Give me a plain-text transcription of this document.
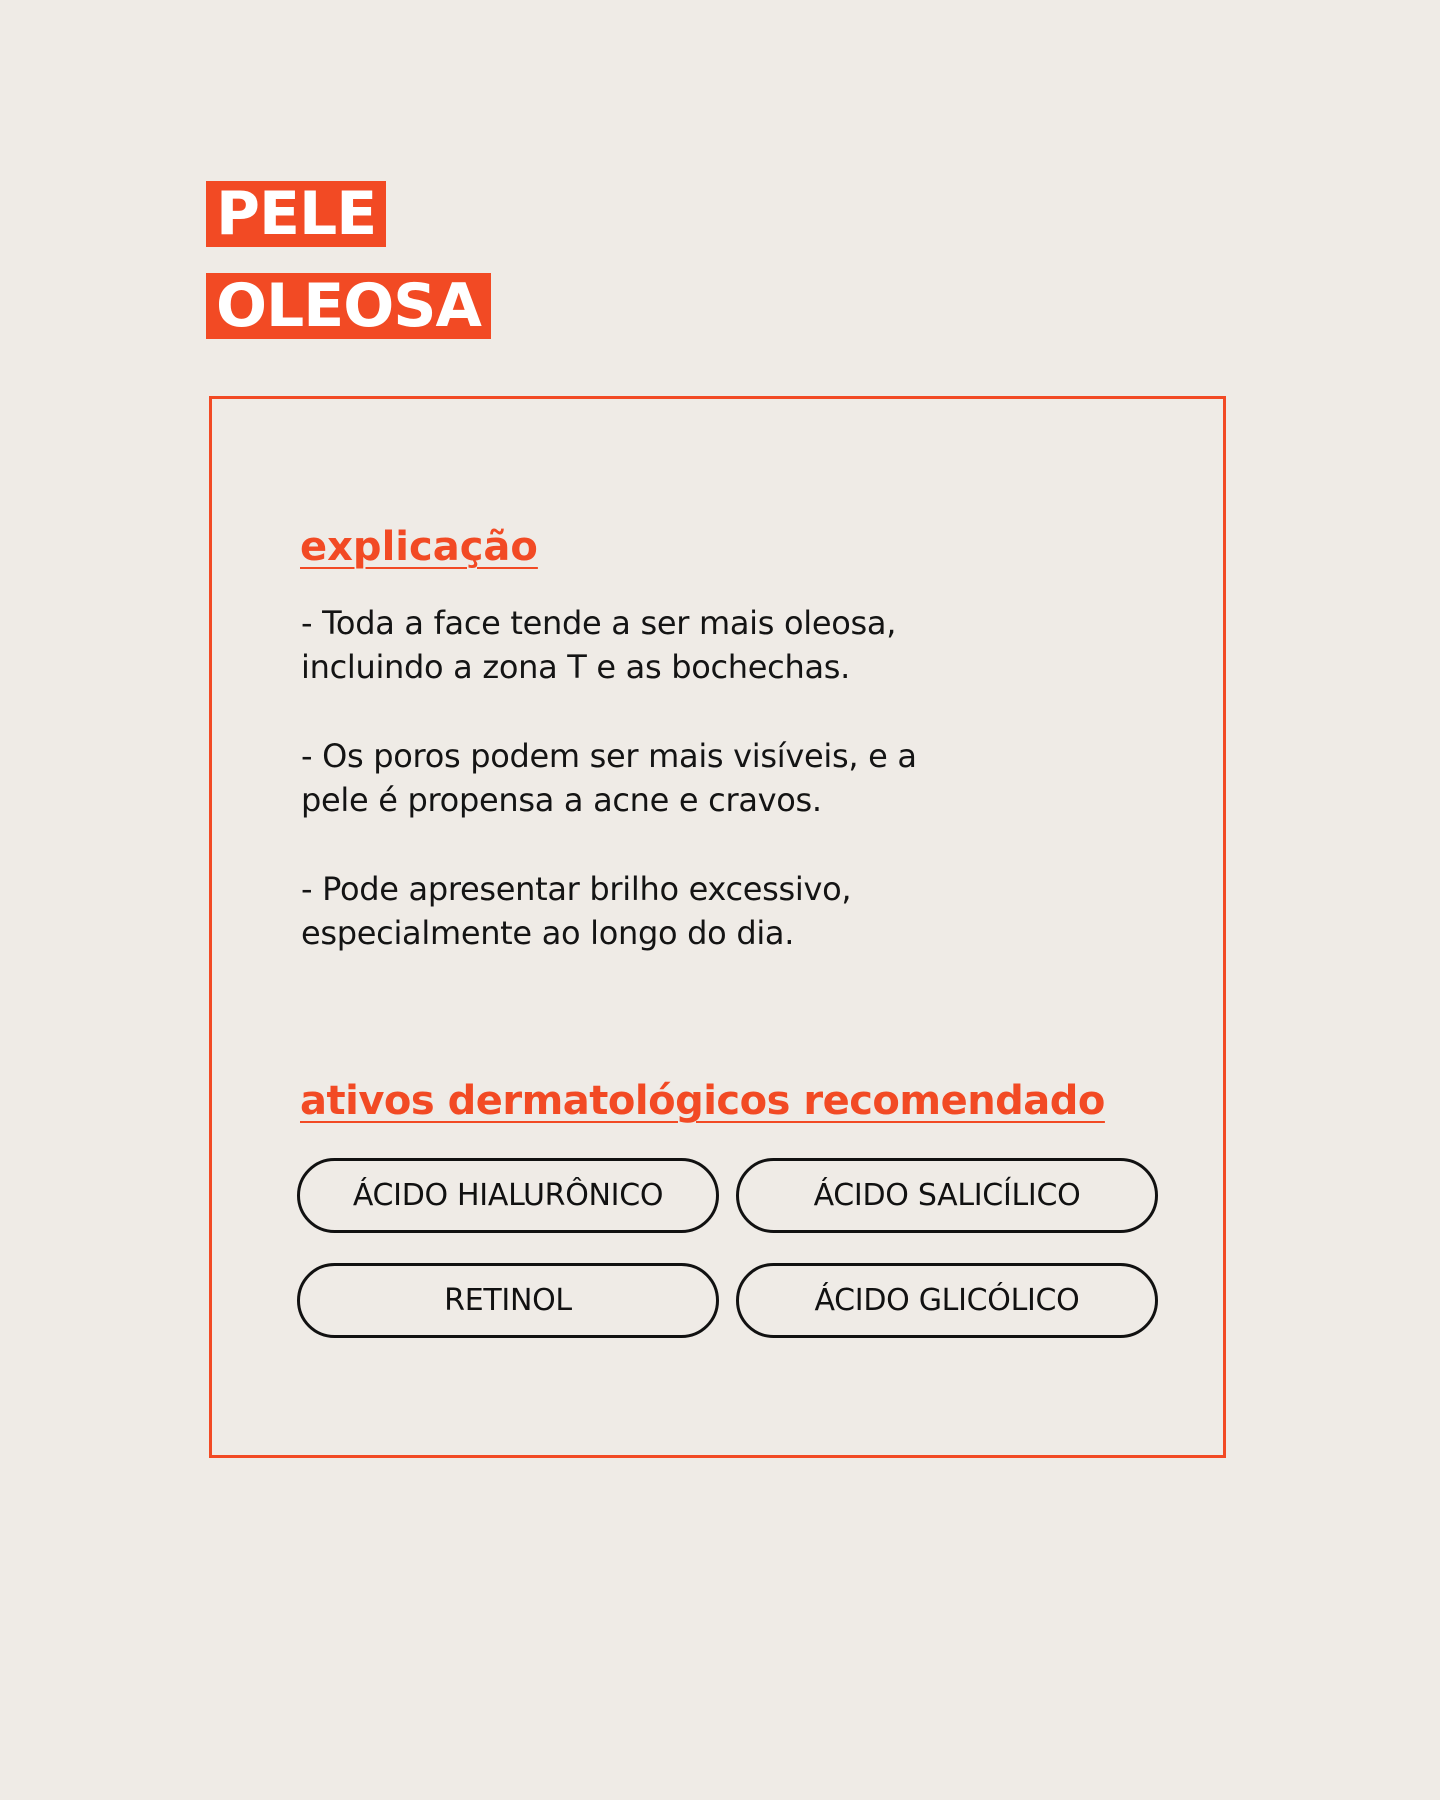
PELE
OLEOSA
explicação
- Toda a face tende a ser mais oleosa,
incluindo a zona T e as bochechas.
- Os poros podem ser mais visíveis, e a
pele é propensa a acne e cravos.
- Pode apresentar brilho excessivo,
especialmente ao longo do dia.
ativos dermatológicos recomendado
ÁCIDO HIALURÔNICO	ÁCIDO SALICÍLICO
RETINOL	ÁCIDO GLICÓLICO
